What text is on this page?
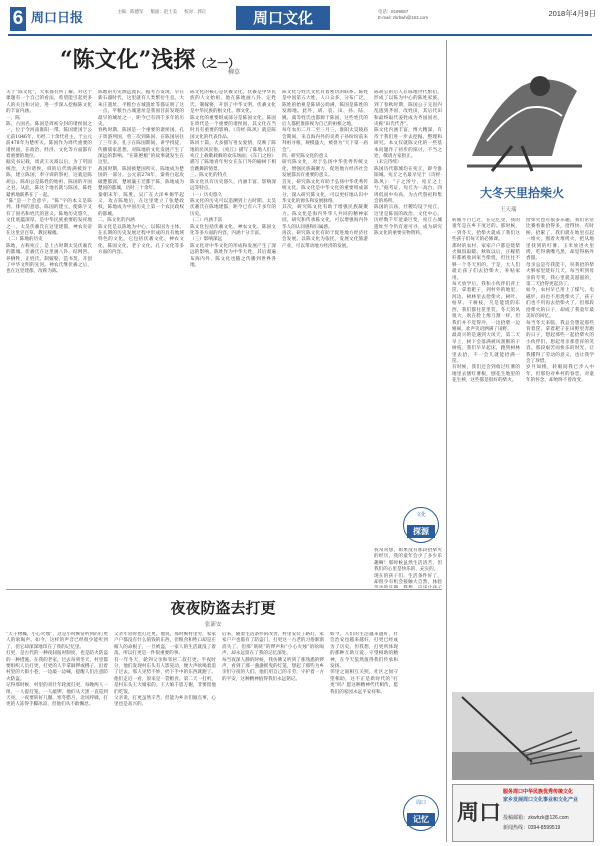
6 周口日报	主编：陈德军 版面：赵士美 校对：郭正	周口文化	电话：8199557
E-mail: zkrbwh@163.com	2018年4月9日
“陈文化”浅探（之一）
柳草
关于“陈文化”，大家都有所了解。对这个课题有一个自己的看法，希望能引起更多人的关注和讨论，进一步深入挖掘陈文化的丰富内涵。
一、陈
陈，古国名。陈国是周初分封的诸侯国之一，位于今河南淮阳一带。陈国建国于公元前1046年，历经二十余代君主，于公元前478年为楚所灭。陈国作为周代重要的诸侯国，在政治、经济、文化等方面都有着重要的地位。
据史书记载，周武王灭商以后，为了巩固统治，大封诸侯。舜的后代妫满被封于陈，建立陈国，奉守舜的祭祀，这就是陈胡公。陈胡公是陈姓的始祖，陈国的开国之君。从此，陈这个地名就与陈国、陈姓紧密地联系在了一起。
“陈”是一个会意字。“陈”字的本义是陈列、排列的意思。陈国的建立，使陈字又有了国名和姓氏的意义。陈地历史悠久，文化底蕴深厚，是中华民族重要的发祥地之一。太昊伏羲氏在这里建都，神农炎帝在这里尝百草、教民稼穑。
（二）陈地的历史
陈地，古称宛丘，是上古时期太昊伏羲氏的都城。伏羲氏在这里画八卦、结网罟、养牺牲、正姓氏、制嫁娶、造书契，开创了中华文明的先河。神农氏继伏羲之后，也在这里建都，改称为陈。
陈地的历史源远流长。据考古发现，早在新石器时代，这里就有人类繁衍生息。大朱庄遗址、平粮台古城遗址等都证明了这一点。平粮台古城遗址是我国目前发现的最早的城址之一，距今已有四千多年的历史。
春秋时期，陈国是一个重要的诸侯国。孔子周游列国，曾三次到陈国，在陈国居住了三年多。孔子在陈国期间，讲学授徒，传播儒家思想，对陈地的文化发展产生了深远的影响。“在陈绝粮”的故事就发生在这里。
战国时期，陈国被楚国所灭，陈地成为楚国的一部分。公元前278年，秦将白起攻破楚都郢，楚顷襄王迁都于陈，陈地成为楚国的都城，历时三十余年。
秦朝末年，陈胜、吴广在大泽乡揭竿起义，攻占陈地后，在这里建立了张楚政权，陈地成为中国历史上第一个农民政权的都城。
二、陈文化的内涵
陈文化是以陈地为中心，以陈国为主体，在长期的历史发展过程中形成的具有地域特色的文化。它包括伏羲文化、神农文化、陈国文化、老子文化、孔子文化等多方面的内容。
陈文化的核心是伏羲文化。伏羲是中华民族的人文始祖，他在陈地画八卦、定姓氏、制嫁娶，开创了中华文明。伏羲文化是中华民族的根文化、源文化。
陈文化的重要组成部分是陈国文化。陈国在周代是一个重要的诸侯国，其文化在当时具有重要的影响。《诗经·陈风》就是陈国文化的代表作品。
陈风十篇，大多描写男女爱情，反映了陈地的民风民俗。《宛丘》描写了陈地人们在宛丘上载歌载舞的欢乐场面；《东门之枌》描写了陈地青年男女在东门外的榆树下相会跳舞的情景。
三、陈文化的特点
陈文化具有历史悠久、内涵丰富、影响深远等特点。
（一）历史悠久
陈文化的历史可以追溯到上古时期。太昊伏羲氏在陈地建都，距今已有六千多年的历史。
（二）内涵丰富
陈文化包括伏羲文化、神农文化、陈国文化等多方面的内容，内涵十分丰富。
（三）影响深远
陈文化对中华文化的形成和发展产生了深远的影响。陈姓作为中华大姓，其后裔遍布海内外，陈文化也随之传播到世界各地。
陈文化与姓氏文化有着密切的联系。陈姓是中国第五大姓，人口众多，分布广泛。陈姓的始祖是陈胡公妫满，陈国是陈姓的发源地。此外，胡、袁、田、孙、陆、姚、虞等姓氏也都源于陈国，这些姓氏的后人都把淮阳视为自己的祖根之地。
每年农历二月二至三月三，淮阳太昊陵庙会期间，来自海内外的炎黄子孙纷纷前来拜祖寻根，规模盛大，被誉为“天下第一庙会”。
四、研究陈文化的意义
研究陈文化，对于弘扬中华优秀传统文化、增强民族凝聚力、促进地方经济社会发展都具有重要的意义。
首先，研究陈文化有助于弘扬中华优秀传统文化。陈文化是中华文化的重要组成部分，深入研究陈文化，可以更好地认识中华文化的源头和发展脉络。
其次，研究陈文化有助于增强民族凝聚力。陈文化是海内外华人共同的精神家园，研究和传承陈文化，可以增强海内外华人的认同感和归属感。
再次，研究陈文化有助于促进地方经济社会发展。以陈文化为依托，发展文化旅游产业，可以带动地方经济的发展。
陈胡公的后人在陈地世代繁衍，形成了以陈为中心的陈姓家族。到了春秋时期，陈国公子完因内乱逃到齐国，改姓田，其后代田和最终取代姜姓成为齐国国君，史称“田氏代齐”。
陈文化内涵丰富，博大精深，有待于我们进一步去挖掘、整理和研究。本文仅就陈文化的一些基本问题作了初步的探讨，不当之处，敬请方家指正。
（未完待续）
陈国历代都城均在宛丘，即今淮阳城。宛丘之名最早见于《诗经·陈风》：“子之汤兮，宛丘之上兮。”据考证，宛丘为一高台，四周低而中央高，为古代祭祀和集会的场所。
陈国的宗庙、社稷均设于宛丘，这里是陈国的政治、文化中心。历经数千年沧桑巨变，宛丘古城遗址至今仍有迹可寻，成为研究陈文化的重要实物资料。
文化
探源
周口
记忆
夜夜防盗去打更
张新安
“天干物燥，小心火烛”，这是小时候常听到的打更人的吆喝声。如今，这样的声音已经很少能听到了，但它却深深地印在了我的记忆里。
打更，是古代的一种夜间报时制度，也是防火防盗的一种措施。在我的老家，过去每到冬天，村里都要组织人员打更。打更的人手拿铜锣或梆子，沿着村里的大街小巷，一边敲一边喊，提醒人们注意防火防盗。
记得那时候，村里的青壮年轮流打更，每晚两人一组，一人提灯笼，一人敲锣。他们从天黑一直巡到天亮，一夜要转好几圈。寒冬腊月，北风呼啸，打更的人冻得手脚冰凉，但他们从不敢懈怠。
父亲年轻时也打过更。他说，那时候村里穷，家家户户都没有什么值钱的东西，但粮食和牲口却是庄稼人的命根子，一旦被盗，一家人的生活就没了着落。所以打更是一件很重要的事。
有一年冬天，轮到父亲和邻居二叔打更。半夜时分，他们发现村东头有人影晃动，便大声吆喝着追了过去。那人见势不妙，扔下手中的东西就跑了。他们走近一看，原来是一袋粮食。第二天一打听，是村东头王大娘家的。王大娘千恩万谢，非要留他们吃饭。
父亲说，打更虽然辛苦，但能为乡亲们做点事，心里也是高兴的。
后来，随着生活条件的改善，村里安装了路灯，家家户户也都有了防盗门，打更这一古老的习俗渐渐消失了。但那“咣咣”的锣声和“小心火烛”的吆喝声，却永远留在了我的记忆深处。
每当夜深人静的时候，我仿佛又听到了那熟悉的锣声，看到了那一盏盏摇曳的灯笼，想起了那些为乡亲们守夜的人们。他们用自己的辛劳，守护着一方的平安，这种精神值得我们永远铭记。
如今，人们的生活越来越好，社会治安也越来越好，打更已经成为了历史。但我想，打更所体现的那种互助互爱、守望相助的精神，在今天依然值得我们传承和发扬。
邻里之间相互关照，社区之间守望相助，这不正是新时代的“打更”吗？愿这种精神代代相传，愿我们的家园永远平安祥和。
大冬天里拾柴火
王天瑞
转眼半百已过，在记忆里，我的童年是在乡下度过的。那时候，一到冬天，拾柴火就成了我们这些孩子们每天的必修课。
那时的农村，家家户户都是烧柴火做饭取暖。秋收以后，庄稼秸秆都被收回家当柴烧，但往往不够一个冬天用的。于是，大人们就让孩子们去拾柴火，补贴家用。
每天放学后，我和小伙伴们背上筐，拿着耙子，到村外的地里、河边、树林里去拾柴火。树叶、枯草、干树枝，凡是能烧的东西，我们都往筐里装。冬天的风很大，吹在脸上像刀割一样，但我们并不觉得冷，一边拾柴一边嬉闹，欢声笑语洒满了田野。
最高兴的是遇到大风天，第二天早上，树下会落满被风刮断的干树枝，我们早早起床，跑到树林里去拾，不一会儿就能拾满一筐。
有时候，我们还会到收过红薯的地里去刨红薯根，刨花生地里的花生秧，这些都是很好的柴火。
拾柴火也有很多乐趣。我们常常比赛看谁拾得多，拾得快。有时候，拾累了，我们就在地里点起一堆火，围着火堆烤火，把从地里找到的红薯、玉米放进火里烤，吃得满嘴乌黑，却觉得格外香甜。
母亲总是夸我能干，说我拾的柴火够家里烧好几天。每当听到母亲的夸奖，我心里就美滋滋的，第二天拾得更起劲了。
如今，农村早已用上了煤气、电磁炉，再也不用烧柴火了，孩子们也不用再去拾柴火了。但那段拾柴火的日子，却成了我童年最美好的回忆。
每当冬天来临，我总会想起那些背着筐、拿着耙子在田野里奔跑的日子，想起那些一起拾柴火的小伙伴们，想起母亲那慈祥的笑容。那段艰苦而快乐的时光，让我懂得了劳动的意义，也让我学会了珍惜。
岁月如梭，转眼间我已步入中年，但那份对乡村的眷恋，对童年的怀念，却始终不曾改变。
我常常想，如果没有那段拾柴火的经历，我的童年会少了多少乐趣啊！那时候虽然生活清苦，但我们的心里是快乐的、充实的。
现在的孩子们，生活条件好了，却很少有机会接触大自然，体验

周口
服务周口中华民族优秀传统文化
家乡发展周口文化事业和文化产业
投稿邮箱：zkwhzk@126.com
新闻热线：0394-8599519
